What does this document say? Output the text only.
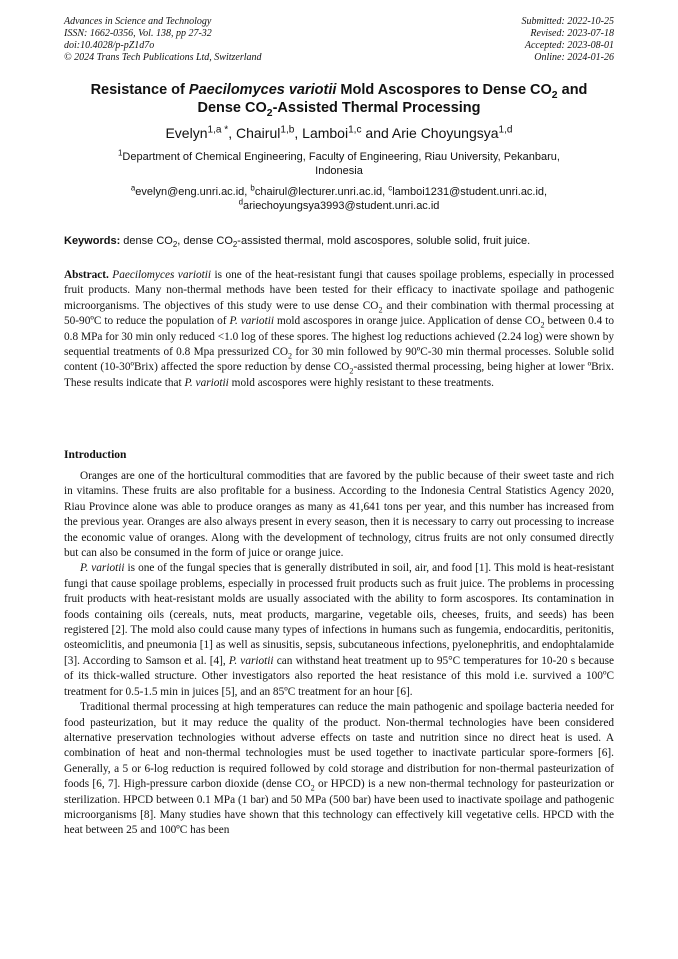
Advances in Science and Technology
ISSN: 1662-0356, Vol. 138, pp 27-32
doi:10.4028/p-pZ1d7o
© 2024 Trans Tech Publications Ltd, Switzerland
Submitted: 2022-10-25
Revised: 2023-07-18
Accepted: 2023-08-01
Online: 2024-01-26
Resistance of Paecilomyces variotii Mold Ascospores to Dense $CO_2$ and
Dense $CO_2$-Assisted Thermal Processing
Evelyn$^{1,a *}$, Chairul$^{1,b}$, Lamboi$^{1,c}$ and Arie Choyungsya$^{1,d}$
$^1$Department of Chemical Engineering, Faculty of Engineering, Riau University, Pekanbaru,
Indonesia
$^a$evelyn@eng.unri.ac.id, $^b$chairul@lecturer.unri.ac.id, $^c$lamboi1231@student.unri.ac.id,
$^d$ariechoyungsya3993@student.unri.ac.id
Keywords: dense $CO_2$, dense $CO_2$-assisted thermal, mold ascospores, soluble solid, fruit juice.
Abstract. Paecilomyces variotii is one of the heat-resistant fungi that causes spoilage problems, especially in processed fruit products. Many non-thermal methods have been tested for their efficacy to inactivate spoilage and pathogenic microorganisms. The objectives of this study were to use dense $CO_2$ and their combination with thermal processing at 50-90ºC to reduce the population of P. variotii mold ascospores in orange juice. Application of dense $CO_2$ between 0.4 to 0.8 MPa for 30 min only reduced <1.0 log of these spores. The highest log reductions achieved (2.24 log) were shown by sequential treatments of 0.8 Mpa pressurized $CO_2$ for 30 min followed by 90ºC-30 min thermal processes. Soluble solid content (10-30ºBrix) affected the spore reduction by dense $CO_2$-assisted thermal processing, being higher at lower ºBrix. These results indicate that P. variotii mold ascospores were highly resistant to these treatments.
Introduction

Oranges are one of the horticultural commodities that are favored by the public because of their sweet taste and rich in vitamins. These fruits are also profitable for a business. According to the Indonesia Central Statistics Agency 2020, Riau Province alone was able to produce oranges as many as 41,641 tons per year, and this number has increased from the previous year. Oranges are also always present in every season, then it is necessary to carry out processing to increase the economic value of oranges. Along with the development of technology, citrus fruits are not only consumed directly but can also be consumed in the form of juice or orange juice.

P. variotii is one of the fungal species that is generally distributed in soil, air, and food [1]. This mold is heat-resistant fungi that cause spoilage problems, especially in processed fruit products such as fruit juice. The problems in processing fruit products with heat-resistant molds are usually associated with the ability to form ascospores. Its contamination in foods containing oils (cereals, nuts, meat products, margarine, vegetable oils, cheeses, fruits, and seeds) has been registered [2]. The mold also could cause many types of infections in humans such as fungemia, endocarditis, peritonitis, osteomiclitis, and pneumonia [1] as well as sinusitis, sepsis, subcutaneous infections, pyelonephritis, and endophtalamide [3]. According to Samson et al. [4], P. variotii can withstand heat treatment up to 95°C temperatures for 10-20 s because of its thick-walled structure. Other investigators also reported the heat resistance of this mold i.e. survived a 100ºC treatment for 0.5-1.5 min in juices [5], and an 85ºC treatment for an hour [6].

Traditional thermal processing at high temperatures can reduce the main pathogenic and spoilage bacteria needed for food pasteurization, but it may reduce the quality of the product. Non-thermal technologies have been considered alternative preservation technologies without adverse effects on taste and nutrition since no direct heat is used. A combination of heat and non-thermal technologies must be used together to inactivate particular spore-formers [6]. Generally, a 5 or 6-log reduction is required followed by cold storage and distribution for non-thermal pasteurization of foods [6, 7]. High-pressure carbon dioxide (dense $CO_2$ or HPCD) is a new non-thermal technology for pasteurization or sterilization. HPCD between 0.1 MPa (1 bar) and 50 MPa (500 bar) have been used to inactivate spoilage and pathogenic microorganisms [8]. Many studies have shown that this technology can effectively kill vegetative cells. HPCD with the heat between 25 and 100ºC has been
